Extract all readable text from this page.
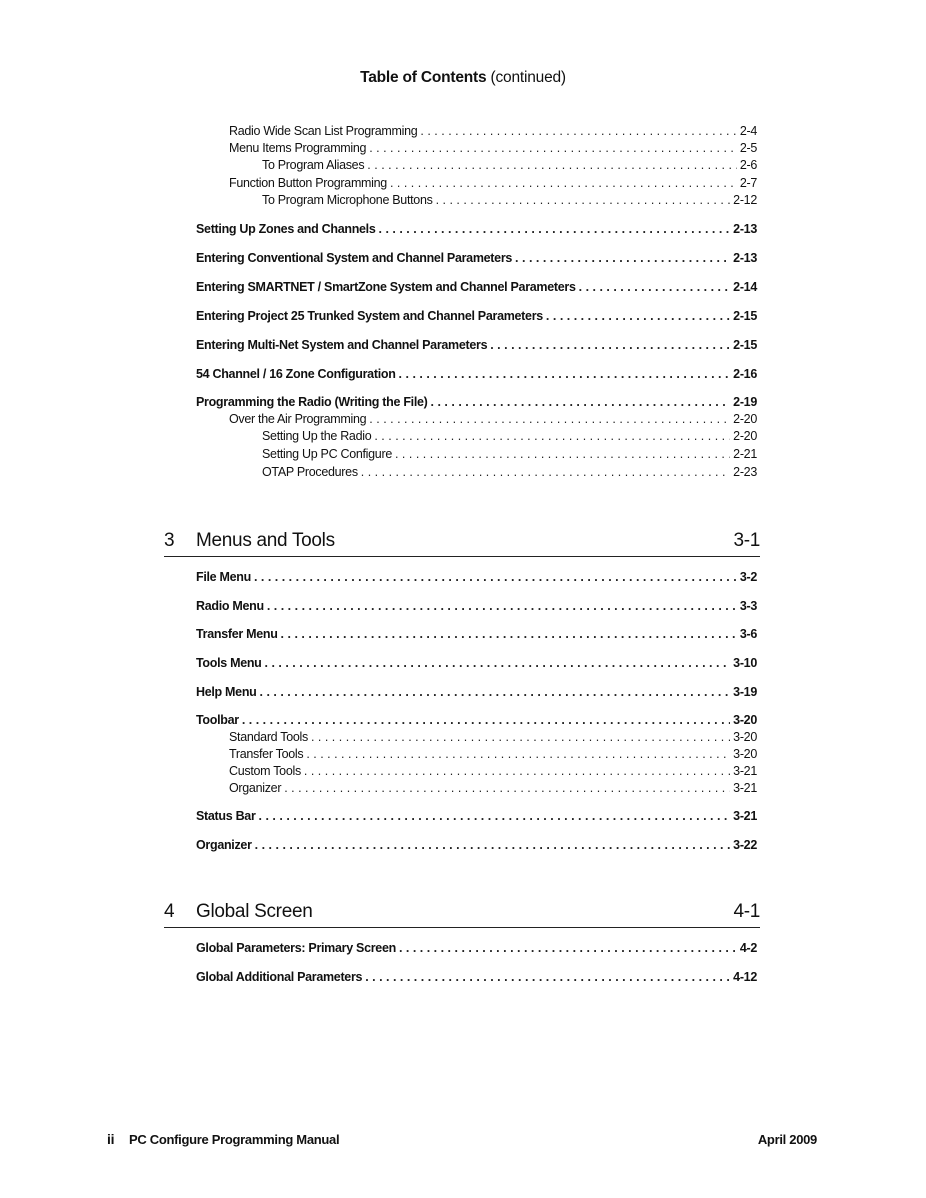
Table of Contents (continued)
Radio Wide Scan List Programming . . .	2-4
Menu Items Programming . . .	2-5
To Program Aliases . . .	2-6
Function Button Programming . . .	2-7
To Program Microphone Buttons . . .	2-12
Setting Up Zones and Channels . . .	2-13
Entering Conventional System and Channel Parameters . . .	2-13
Entering SMARTNET / SmartZone System and Channel Parameters . . .	2-14
Entering Project 25 Trunked System and Channel Parameters . . .	2-15
Entering Multi-Net System and Channel Parameters . . .	2-15
54 Channel / 16 Zone Configuration . . .	2-16
Programming the Radio (Writing the File) . . .	2-19
Over the Air Programming . . .	2-20
Setting Up the Radio . . .	2-20
Setting Up PC Configure . . .	2-21
OTAP Procedures . . .	2-23
3 Menus and Tools	3-1
File Menu . . .	3-2
Radio Menu . . .	3-3
Transfer Menu . . .	3-6
Tools Menu . . .	3-10
Help Menu . . .	3-19
Toolbar . . .	3-20
Standard Tools . . .	3-20
Transfer Tools . . .	3-20
Custom Tools . . .	3-21
Organizer . . .	3-21
Status Bar . . .	3-21
Organizer . . .	3-22
4 Global Screen	4-1
Global Parameters: Primary Screen . . .	4-2
Global Additional Parameters . . .	4-12
ii PC Configure Programming Manual	April 2009
